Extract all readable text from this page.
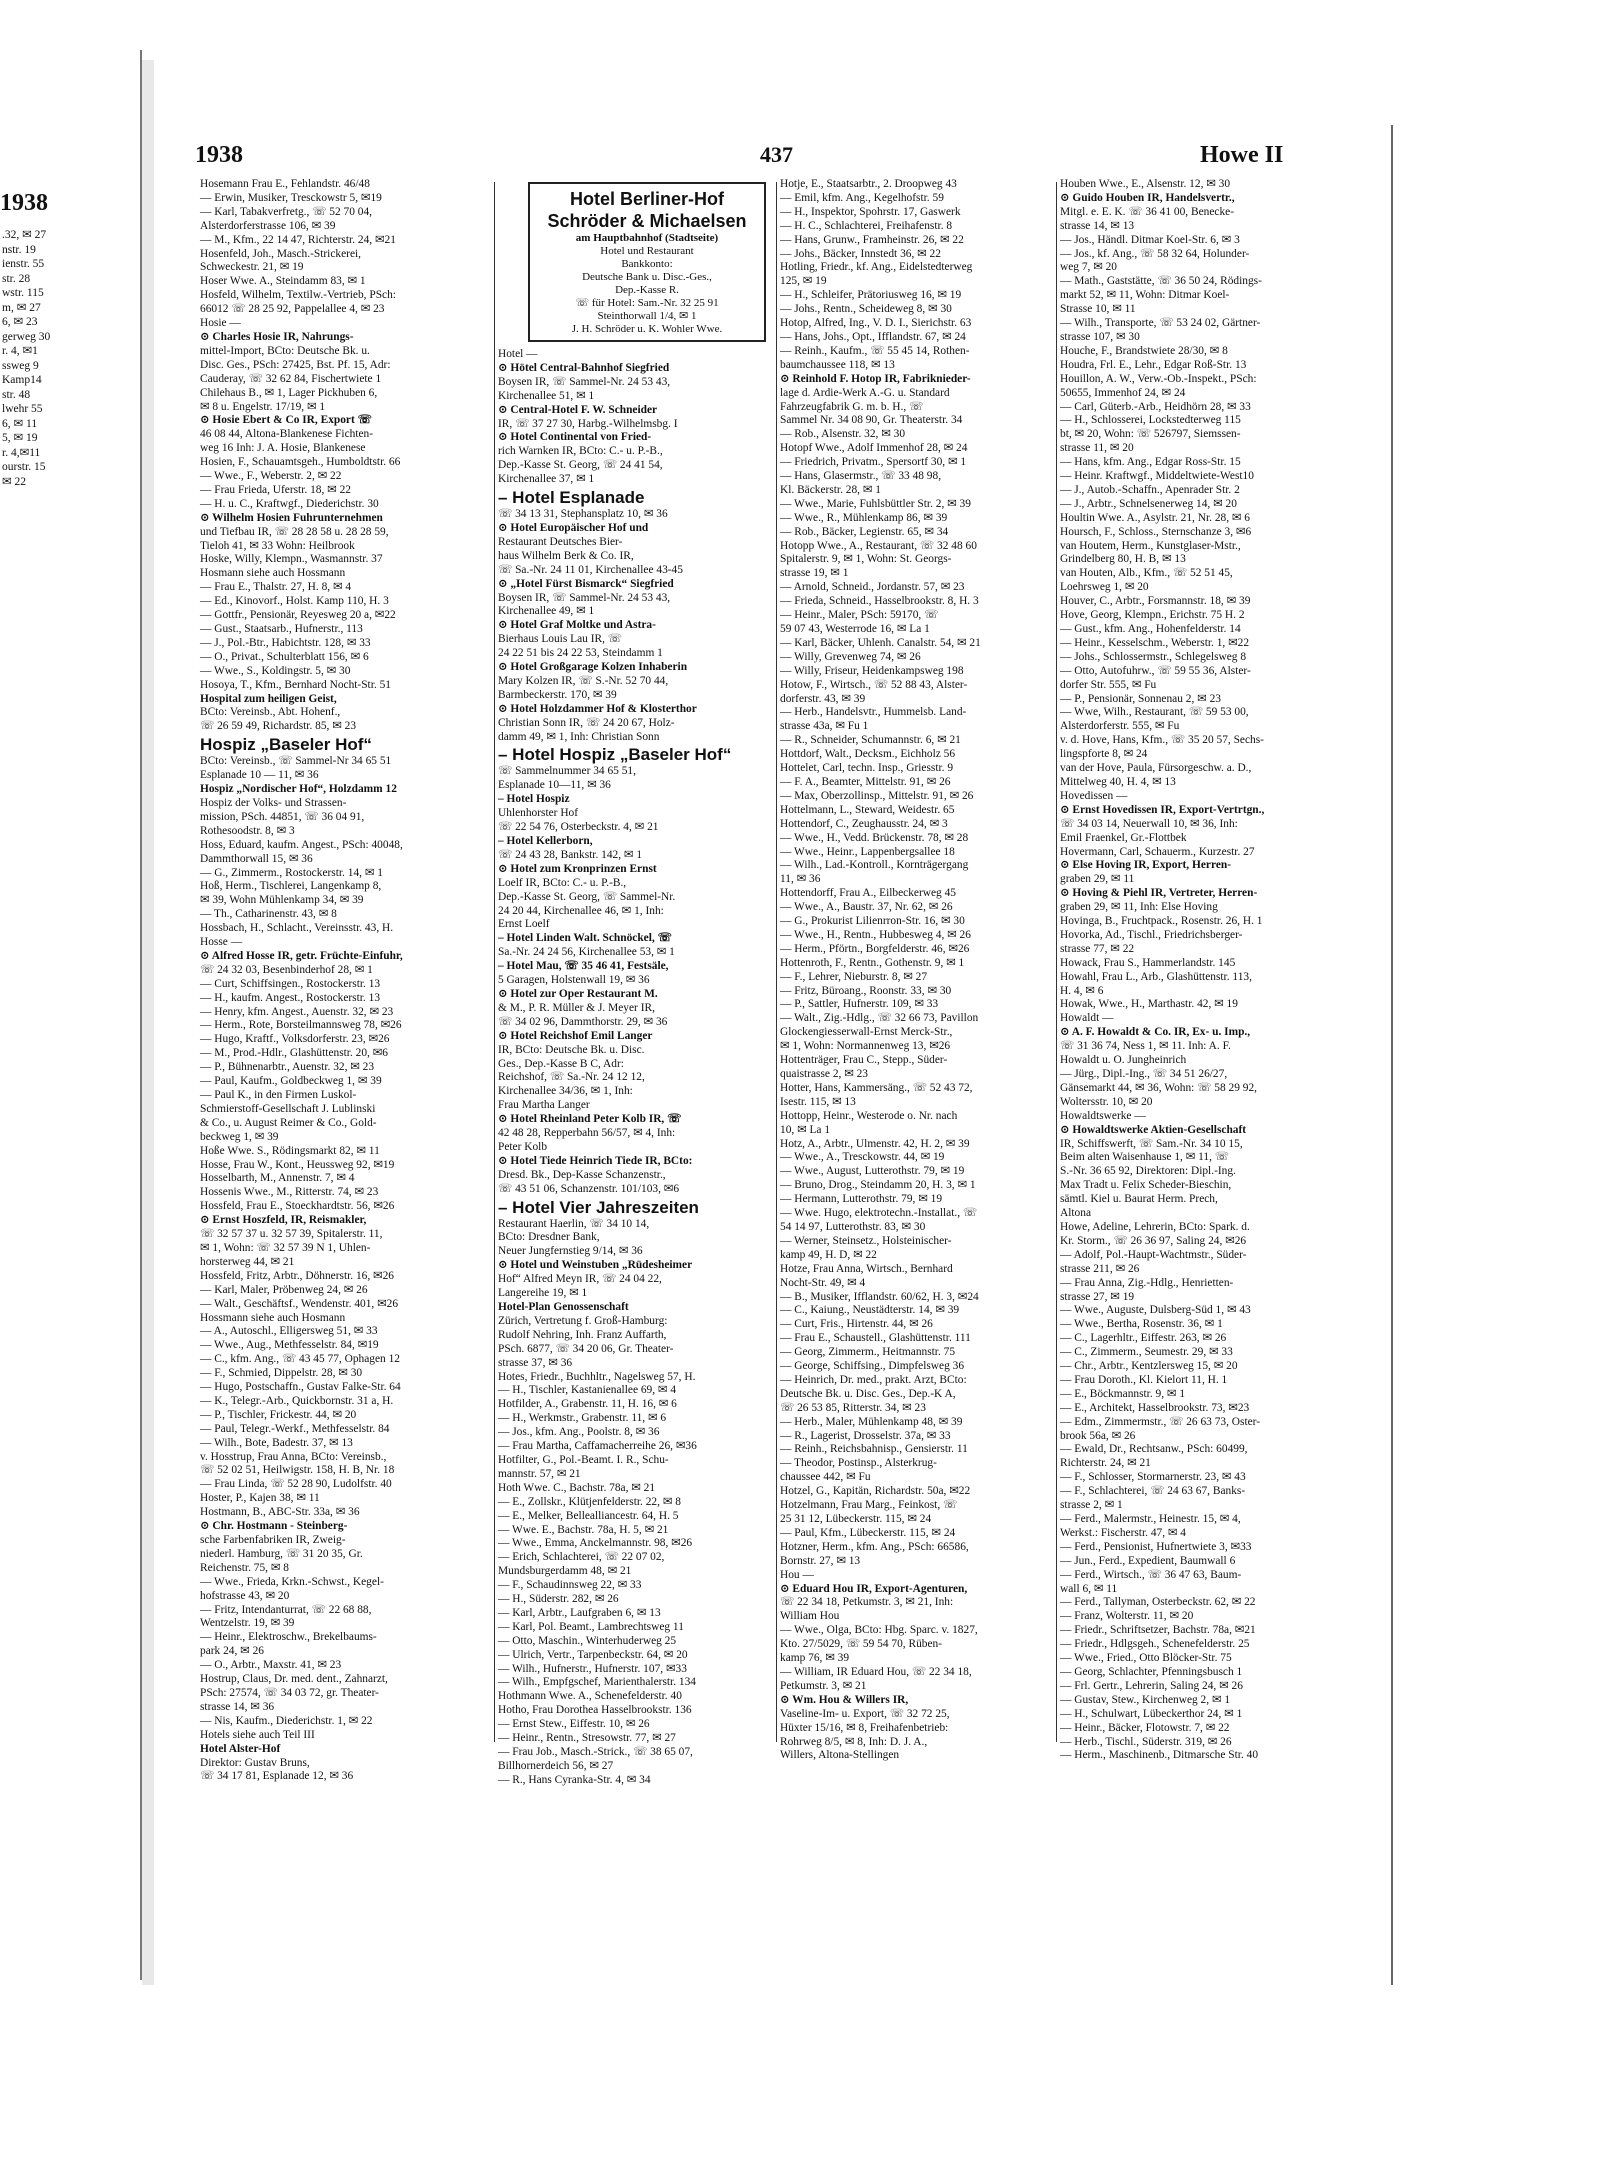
1938
.32, ✉ 27
nstr. 19
ienstr. 55
str. 28
wstr. 115
m, ✉ 27
6, ✉ 23
gerweg 30
r. 4, ✉1
ssweg 9
Kamp14
str. 48
lwehr 55
6, ✉ 11
5, ✉ 19
r. 4,✉11
ourstr. 15
✉ 22
1938	437	Howe II
Hosemann Frau E., Fehlandstr. 46/48
— Erwin, Musiker, Tresckowstr 5, ✉19
— Karl, Tabakverfretg., ☏ 52 70 04,
Alsterdorferstrasse 106, ✉ 39
— M., Kfm., 22 14 47, Richterstr. 24, ✉21
Hosenfeld, Joh., Masch.-Strickerei,
Schweckestr. 21, ✉ 19
Hoser Wwe. A., Steindamm 83, ✉ 1
Hosfeld, Wilhelm, Textilw.-Vertrieb, PSch:
66012 ☏ 28 25 92, Pappelallee 4, ✉ 23
Hosie —
⊙ Charles Hosie IR, Nahrungs-
mittel-Import, BCto: Deutsche Bk. u.
Disc. Ges., PSch: 27425, Bst. Pf. 15, Adr:
Cauderay, ☏ 32 62 84, Fischertwiete 1
Chilehaus B., ✉ 1, Lager Pickhuben 6,
✉ 8 u. Engelstr. 17/19, ✉ 1
⊙ Hosie Ebert & Co IR, Export ☏
46 08 44, Altona-Blankenese Fichten-
weg 16 Inh: J. A. Hosie, Blankenese
Hosien, F., Schauamtsgeh., Humboldtstr. 66
— Wwe., F., Weberstr. 2, ✉ 22
— Frau Frieda, Uferstr. 18, ✉ 22
— H. u. C., Kraftwgf., Diederichstr. 30
⊙ Wilhelm Hosien Fuhrunternehmen
und Tiefbau IR, ☏ 28 28 58 u. 28 28 59,
Tieloh 41, ✉ 33 Wohn: Heilbrook
Hoske, Willy, Klempn., Wasmannstr. 37
Hosmann siehe auch Hossmann
— Frau E., Thalstr. 27, H. 8, ✉ 4
— Ed., Kinovorf., Holst. Kamp 110, H. 3
— Gottfr., Pensionär, Reyesweg 20 a, ✉22
— Gust., Staatsarb., Hufnerstr., 113
— J., Pol.-Btr., Habichtstr. 128, ✉ 33
— O., Privat., Schulterblatt 156, ✉ 6
— Wwe., S., Koldingstr. 5, ✉ 30
Hosoya, T., Kfm., Bernhard Nocht-Str. 51
Hospital zum heiligen Geist,
BCto: Vereinsb., Abt. Hohenf.,
☏ 26 59 49, Richardstr. 85, ✉ 23
Hospiz „Baseler Hof“
BCto: Vereinsb., ☏ Sammel-Nr 34 65 51
Esplanade 10 — 11, ✉ 36
Hospiz „Nordischer Hof“, Holzdamm 12
Hospiz der Volks- und Strassen-
mission, PSch. 44851, ☏ 36 04 91,
Rothesoodstr. 8, ✉ 3
Hoss, Eduard, kaufm. Angest., PSch: 40048,
Dammthorwall 15, ✉ 36
— G., Zimmerm., Rostockerstr. 14, ✉ 1
Hoß, Herm., Tischlerei, Langenkamp 8,
✉ 39, Wohn Mühlenkamp 34, ✉ 39
— Th., Catharinenstr. 43, ✉ 8
Hossbach, H., Schlacht., Vereinsstr. 43, H.
Hosse —
⊙ Alfred Hosse IR, getr. Früchte-Einfuhr,
☏ 24 32 03, Besenbinderhof 28, ✉ 1
— Curt, Schiffsingen., Rostockerstr. 13
— H., kaufm. Angest., Rostockerstr. 13
— Henry, kfm. Angest., Auenstr. 32, ✉ 23
— Herm., Rote, Borsteilmannsweg 78, ✉26
— Hugo, Kraftf., Volksdorferstr. 23, ✉26
— M., Prod.-Hdlr., Glashüttenstr. 20, ✉6
— P., Bühnenarbtr., Auenstr. 32, ✉ 23
— Paul, Kaufm., Goldbeckweg 1, ✉ 39
— Paul K., in den Firmen Luskol-
Schmierstoff-Gesellschaft J. Lublinski
& Co., u. August Reimer & Co., Gold-
beckweg 1, ✉ 39
Hoße Wwe. S., Rödingsmarkt 82, ✉ 11
Hosse, Frau W., Kont., Heussweg 92, ✉19
Hosselbarth, M., Annenstr. 7, ✉ 4
Hossenis Wwe., M., Ritterstr. 74, ✉ 23
Hossfeld, Frau E., Stoeckhardtstr. 56, ✉26
⊙ Ernst Hoszfeld, IR, Reismakler,
☏ 32 57 37 u. 32 57 39, Spitalerstr. 11,
✉ 1, Wohn: ☏ 32 57 39 N 1, Uhlen-
horsterweg 44, ✉ 21
Hossfeld, Fritz, Arbtr., Döhnerstr. 16, ✉26
— Karl, Maler, Pröbenweg 24, ✉ 26
— Walt., Geschäftsf., Wendenstr. 401, ✉26
Hossmann siehe auch Hosmann
— A., Autoschl., Elligersweg 51, ✉ 33
— Wwe., Aug., Methfesselstr. 84, ✉19
— C., kfm. Ang., ☏ 43 45 77, Ophagen 12
— F., Schmied, Dippelstr. 28, ✉ 30
— Hugo, Postschaffn., Gustav Falke-Str. 64
— K., Telegr.-Arb., Quickbornstr. 31 a, H.
— P., Tischler, Frickestr. 44, ✉ 20
— Paul, Telegr.-Werkf., Methfesselstr. 84
— Wilh., Bote, Badestr. 37, ✉ 13
v. Hosstrup, Frau Anna, BCto: Vereinsb.,
☏ 52 02 51, Heilwigstr. 158, H. B, Nr. 18
— Frau Linda, ☏ 52 28 90, Ludolfstr. 40
Hoster, P., Kajen 38, ✉ 11
Hostmann, B., ABC-Str. 33a, ✉ 36
⊙ Chr. Hostmann - Steinberg-
sche Farbenfabriken IR, Zweig-
niederl. Hamburg, ☏ 31 20 35, Gr.
Reichenstr. 75, ✉ 8
— Wwe., Frieda, Krkn.-Schwst., Kegel-
hofstrasse 43, ✉ 20
— Fritz, Intendanturrat, ☏ 22 68 88,
Wentzelstr. 19, ✉ 39
— Heinr., Elektroschw., Brekelbaums-
park 24, ✉ 26
— O., Arbtr., Maxstr. 41, ✉ 23
Hostrup, Claus, Dr. med. dent., Zahnarzt,
PSch: 27574, ☏ 34 03 72, gr. Theater-
strasse 14, ✉ 36
— Nis, Kaufm., Diederichstr. 1, ✉ 22
Hotels siehe auch Teil III
Hotel Alster-Hof
Direktor: Gustav Bruns,
☏ 34 17 81, Esplanade 12, ✉ 36
Hotel Berliner-Hof
Schröder & Michaelsen
am Hauptbahnhof (Stadtseite)
Hotel und Restaurant
Bankkonto:
Deutsche Bank u. Disc.-Ges.,
Dep.-Kasse R.
☏ für Hotel: Sam.-Nr. 32 25 91
Steinthorwall 1/4, ✉ 1
J. H. Schröder u. K. Wohler Wwe.
Hotel —
⊙ Hötel Central-Bahnhof Siegfried
Boysen IR, ☏ Sammel-Nr. 24 53 43,
Kirchenallee 51, ✉ 1
⊙ Central-Hotel F. W. Schneider
IR, ☏ 37 27 30, Harbg.-Wilhelmsbg. I
⊙ Hotel Continental von Fried-
rich Warnken IR, BCto: C.- u. P.-B.,
Dep.-Kasse St. Georg, ☏ 24 41 54,
Kirchenallee 37, ✉ 1
– Hotel Esplanade
☏ 34 13 31, Stephansplatz 10, ✉ 36
⊙ Hotel Europäischer Hof und
Restaurant Deutsches Bier-
haus Wilhelm Berk & Co. IR,
☏ Sa.-Nr. 24 11 01, Kirchenallee 43-45
⊙ „Hotel Fürst Bismarck“ Siegfried
Boysen IR, ☏ Sammel-Nr. 24 53 43,
Kirchenallee 49, ✉ 1
⊙ Hotel Graf Moltke und Astra-
Bierhaus Louis Lau IR, ☏
24 22 51 bis 24 22 53, Steindamm 1
⊙ Hotel Großgarage Kolzen Inhaberin
Mary Kolzen IR, ☏ S.-Nr. 52 70 44,
Barmbeckerstr. 170, ✉ 39
⊙ Hotel Holzdammer Hof & Klosterthor
Christian Sonn IR, ☏ 24 20 67, Holz-
damm 49, ✉ 1, Inh: Christian Sonn
– Hotel Hospiz „Baseler Hof“
☏ Sammelnummer 34 65 51,
Esplanade 10—11, ✉ 36
– Hotel Hospiz
Uhlenhorster Hof
☏ 22 54 76, Osterbeckstr. 4, ✉ 21
– Hotel Kellerborn,
☏ 24 43 28, Bankstr. 142, ✉ 1
⊙ Hotel zum Kronprinzen Ernst
Loelf IR, BCto: C.- u. P.-B.,
Dep.-Kasse St. Georg, ☏ Sammel-Nr.
24 20 44, Kirchenallee 46, ✉ 1, Inh:
Ernst Loelf
– Hotel Linden Walt. Schnöckel, ☏
Sa.-Nr. 24 24 56, Kirchenallee 53, ✉ 1
– Hotel Mau, ☏ 35 46 41, Festsäle,
5 Garagen, Holstenwall 19, ✉ 36
⊙ Hotel zur Oper Restaurant M.
& M., P. R. Müller & J. Meyer IR,
☏ 34 02 96, Dammthorstr. 29, ✉ 36
⊙ Hotel Reichshof Emil Langer
IR, BCto: Deutsche Bk. u. Disc.
Ges., Dep.-Kasse B C, Adr:
Reichshof, ☏ Sa.-Nr. 24 12 12,
Kirchenallee 34/36, ✉ 1, Inh:
Frau Martha Langer
⊙ Hotel Rheinland Peter Kolb IR, ☏
42 48 28, Repperbahn 56/57, ✉ 4, Inh:
Peter Kolb
⊙ Hotel Tiede Heinrich Tiede IR, BCto:
Dresd. Bk., Dep-Kasse Schanzenstr.,
☏ 43 51 06, Schanzenstr. 101/103, ✉6
– Hotel Vier Jahreszeiten
Restaurant Haerlin, ☏ 34 10 14,
BCto: Dresdner Bank,
Neuer Jungfernstieg 9/14, ✉ 36
⊙ Hotel und Weinstuben „Rüdesheimer
Hof“ Alfred Meyn IR, ☏ 24 04 22,
Langereihe 19, ✉ 1
Hotel-Plan Genossenschaft
Zürich, Vertretung f. Groß-Hamburg:
Rudolf Nehring, Inh. Franz Auffarth,
PSch. 6877, ☏ 34 20 06, Gr. Theater-
strasse 37, ✉ 36
Hotes, Friedr., Buchhltr., Nagelsweg 57, H.
— H., Tischler, Kastanienallee 69, ✉ 4
Hotfilder, A., Grabenstr. 11, H. 16, ✉ 6
— H., Werkmstr., Grabenstr. 11, ✉ 6
— Jos., kfm. Ang., Poolstr. 8, ✉ 36
— Frau Martha, Caffamacherreihe 26, ✉36
Hotfilter, G., Pol.-Beamt. I. R., Schu-
mannstr. 57, ✉ 21
Hoth Wwe. C., Bachstr. 78a, ✉ 21
— E., Zollskr., Klütjenfelderstr. 22, ✉ 8
— E., Melker, Bellealliancestr. 64, H. 5
— Wwe. E., Bachstr. 78a, H. 5, ✉ 21
— Wwe., Emma, Anckelmannstr. 98, ✉26
— Erich, Schlachterei, ☏ 22 07 02,
Mundsburgerdamm 48, ✉ 21
— F., Schaudinnsweg 22, ✉ 33
— H., Süderstr. 282, ✉ 26
— Karl, Arbtr., Laufgraben 6, ✉ 13
— Karl, Pol. Beamt., Lambrechtsweg 11
— Otto, Maschin., Winterhuderweg 25
— Ulrich, Vertr., Tarpenbeckstr. 64, ✉ 20
— Wilh., Hufnerstr., Hufnerstr. 107, ✉33
— Wilh., Empfgschef, Marienthalerstr. 134
Hothmann Wwe. A., Schenefelderstr. 40
Hotho, Frau Dorothea Hasselbrookstr. 136
— Ernst Stew., Eiffestr. 10, ✉ 26
— Heinr., Rentn., Stresowstr. 77, ✉ 27
— Frau Job., Masch.-Strick., ☏ 38 65 07,
Billhornerdeich 56, ✉ 27
— R., Hans Cyranka-Str. 4, ✉ 34
Hotje, E., Staatsarbtr., 2. Droopweg 43
— Emil, kfm. Ang., Kegelhofstr. 59
— H., Inspektor, Spohrstr. 17, Gaswerk
— H. C., Schlachterei, Freihafenstr. 8
— Hans, Grunw., Framheinstr. 26, ✉ 22
— Johs., Bäcker, Innstedt 36, ✉ 22
Hotling, Friedr., kf. Ang., Eidelstedterweg
125, ✉ 19
— H., Schleifer, Prätoriusweg 16, ✉ 19
— Johs., Rentn., Scheideweg 8, ✉ 30
Hotop, Alfred, Ing., V. D. I., Sierichstr. 63
— Hans, Johs., Opt., Ifflandstr. 67, ✉ 24
— Reinh., Kaufm., ☏ 55 45 14, Rothen-
baumchaussee 118, ✉ 13
⊙ Reinhold F. Hotop IR, Fabriknieder-
lage d. Ardie-Werk A.-G. u. Standard
Fahrzeugfabrik G. m. b. H., ☏
Sammel Nr. 34 08 90, Gr. Theaterstr. 34
— Rob., Alsenstr. 32, ✉ 30
Hotopf Wwe., Adolf Immenhof 28, ✉ 24
— Friedrich, Privatm., Spersortf 30, ✉ 1
— Hans, Glasermstr., ☏ 33 48 98,
Kl. Bäckerstr. 28, ✉ 1
— Wwe., Marie, Fuhlsbüttler Str. 2, ✉ 39
— Wwe., R., Mühlenkamp 86, ✉ 39
— Rob., Bäcker, Legienstr. 65, ✉ 34
Hotopp Wwe., A., Restaurant, ☏ 32 48 60
Spitalerstr. 9, ✉ 1, Wohn: St. Georgs-
strasse 19, ✉ 1
— Arnold, Schneid., Jordanstr. 57, ✉ 23
— Frieda, Schneid., Hasselbrookstr. 8, H. 3
— Heinr., Maler, PSch: 59170, ☏
59 07 43, Westerrode 16, ✉ La 1
— Karl, Bäcker, Uhlenh. Canalstr. 54, ✉ 21
— Willy, Grevenweg 74, ✉ 26
— Willy, Friseur, Heidenkampsweg 198
Hotow, F., Wirtsch., ☏ 52 88 43, Alster-
dorferstr. 43, ✉ 39
— Herb., Handelsvtr., Hummelsb. Land-
strasse 43a, ✉ Fu 1
— R., Schneider, Schumannstr. 6, ✉ 21
Hottdorf, Walt., Decksm., Eichholz 56
Hottelet, Carl, techn. Insp., Griesstr. 9
— F. A., Beamter, Mittelstr. 91, ✉ 26
— Max, Oberzollinsp., Mittelstr. 91, ✉ 26
Hottelmann, L., Steward, Weidestr. 65
Hottendorf, C., Zeughausstr. 24, ✉ 3
— Wwe., H., Vedd. Brückenstr. 78, ✉ 28
— Wwe., Heinr., Lappenbergsallee 18
— Wilh., Lad.-Kontroll., Kornträgergang
11, ✉ 36
Hottendorff, Frau A., Eilbeckerweg 45
— Wwe., A., Baustr. 37, Nr. 62, ✉ 26
— G., Prokurist Lilienrron-Str. 16, ✉ 30
— Wwe., H., Rentn., Hubbesweg 4, ✉ 26
— Herm., Pförtn., Borgfelderstr. 46, ✉26
Hottenroth, F., Rentn., Gothenstr. 9, ✉ 1
— F., Lehrer, Nieburstr. 8, ✉ 27
— Fritz, Büroang., Roonstr. 33, ✉ 30
— P., Sattler, Hufnerstr. 109, ✉ 33
— Walt., Zig.-Hdlg., ☏ 32 66 73, Pavillon
Glockengiesserwall-Ernst Merck-Str.,
✉ 1, Wohn: Normannenweg 13, ✉26
Hottenträger, Frau C., Stepp., Süder-
quaistrasse 2, ✉ 23
Hotter, Hans, Kammersäng., ☏ 52 43 72,
Isestr. 115, ✉ 13
Hottopp, Heinr., Westerode o. Nr. nach
10, ✉ La 1
Hotz, A., Arbtr., Ulmenstr. 42, H. 2, ✉ 39
— Wwe., A., Tresckowstr. 44, ✉ 19
— Wwe., August, Lutterothstr. 79, ✉ 19
— Bruno, Drog., Steindamm 20, H. 3, ✉ 1
— Hermann, Lutterothstr. 79, ✉ 19
— Wwe. Hugo, elektrotechn.-Installat., ☏
54 14 97, Lutterothstr. 83, ✉ 30
— Werner, Steinsetz., Holsteinischer-
kamp 49, H. D, ✉ 22
Hotze, Frau Anna, Wirtsch., Bernhard
Nocht-Str. 49, ✉ 4
— B., Musiker, Ifflandstr. 60/62, H. 3, ✉24
— C., Kaiung., Neustädterstr. 14, ✉ 39
— Curt, Fris., Hirtenstr. 44, ✉ 26
— Frau E., Schaustell., Glashüttenstr. 111
— Georg, Zimmerm., Heitmannstr. 75
— George, Schiffsing., Dimpfelsweg 36
— Heinrich, Dr. med., prakt. Arzt, BCto:
Deutsche Bk. u. Disc. Ges., Dep.-K A,
☏ 26 53 85, Ritterstr. 34, ✉ 23
— Herb., Maler, Mühlenkamp 48, ✉ 39
— R., Lagerist, Drosselstr. 37a, ✉ 33
— Reinh., Reichsbahnisp., Gensierstr. 11
— Theodor, Postinsp., Alsterkrug-
chaussee 442, ✉ Fu
Hotzel, G., Kapitän, Richardstr. 50a, ✉22
Hotzelmann, Frau Marg., Feinkost, ☏
25 31 12, Lübeckerstr. 115, ✉ 24
— Paul, Kfm., Lübeckerstr. 115, ✉ 24
Hotzner, Herm., kfm. Ang., PSch: 66586,
Bornstr. 27, ✉ 13
Hou —
⊙ Eduard Hou IR, Export-Agenturen,
☏ 22 34 18, Petkumstr. 3, ✉ 21, Inh:
William Hou
— Wwe., Olga, BCto: Hbg. Sparc. v. 1827,
Kto. 27/5029, ☏ 59 54 70, Rüben-
kamp 76, ✉ 39
— William, IR Eduard Hou, ☏ 22 34 18,
Petkumstr. 3, ✉ 21
⊙ Wm. Hou & Willers IR,
Vaseline-Im- u. Export, ☏ 32 72 25,
Hüxter 15/16, ✉ 8, Freihafenbetrieb:
Rohrweg 8/5, ✉ 8, Inh: D. J. A.,
Willers, Altona-Stellingen
Houben Wwe., E., Alsenstr. 12, ✉ 30
⊙ Guido Houben IR, Handelsvertr.,
Mitgl. e. E. K. ☏ 36 41 00, Benecke-
strasse 14, ✉ 13
— Jos., Händl. Ditmar Koel-Str. 6, ✉ 3
— Jos., kf. Ang., ☏ 58 32 64, Holunder-
weg 7, ✉ 20
— Math., Gaststätte, ☏ 36 50 24, Rödings-
markt 52, ✉ 11, Wohn: Ditmar Koel-
Strasse 10, ✉ 11
— Wilh., Transporte, ☏ 53 24 02, Gärtner-
strasse 107, ✉ 30
Houche, F., Brandstwiete 28/30, ✉ 8
Houdra, Frl. E., Lehr., Edgar Roß-Str. 13
Houillon, A. W., Verw.-Ob.-Inspekt., PSch:
50655, Immenhof 24, ✉ 24
— Carl, Güterb.-Arb., Heidhörn 28, ✉ 33
— H., Schlosserei, Lockstedterweg 115
bt, ✉ 20, Wohn: ☏ 526797, Siemssen-
strasse 11, ✉ 20
— Hans, kfm. Ang., Edgar Ross-Str. 15
— Heinr. Kraftwgf., Middeltwiete-West10
— J., Autob.-Schaffn., Apenrader Str. 2
— J., Arbtr., Schnelsenerweg 14, ✉ 20
Houltin Wwe. A., Asylstr. 21, Nr. 28, ✉ 6
Hoursch, F., Schloss., Sternschanze 3, ✉6
van Houtem, Herm., Kunstglaser-Mstr.,
Grindelberg 80, H. B, ✉ 13
van Houten, Alb., Kfm., ☏ 52 51 45,
Loehrsweg 1, ✉ 20
Houver, C., Arbtr., Forsmannstr. 18, ✉ 39
Hove, Georg, Klempn., Erichstr. 75 H. 2
— Gust., kfm. Ang., Hohenfelderstr. 14
— Heinr., Kesselschm., Weberstr. 1, ✉22
— Johs., Schlossermstr., Schlegelsweg 8
— Otto, Autofuhrw., ☏ 59 55 36, Alster-
dorfer Str. 555, ✉ Fu
— P., Pensionär, Sonnenau 2, ✉ 23
— Wwe, Wilh., Restaurant, ☏ 59 53 00,
Alsterdorferstr. 555, ✉ Fu
v. d. Hove, Hans, Kfm., ☏ 35 20 57, Sechs-
lingspforte 8, ✉ 24
van der Hove, Paula, Fürsorgeschw. a. D.,
Mittelweg 40, H. 4, ✉ 13
Hovedissen —
⊙ Ernst Hovedissen IR, Export-Vertrtgn.,
☏ 34 03 14, Neuerwall 10, ✉ 36, Inh:
Emil Fraenkel, Gr.-Flottbek
Hovermann, Carl, Schauerm., Kurzestr. 27
⊙ Else Hoving IR, Export, Herren-
graben 29, ✉ 11
⊙ Hoving & Piehl IR, Vertreter, Herren-
graben 29, ✉ 11, Inh: Else Hoving
Hovinga, B., Fruchtpack., Rosenstr. 26, H. 1
Hovorka, Ad., Tischl., Friedrichsberger-
strasse 77, ✉ 22
Howack, Frau S., Hammerlandstr. 145
Howahl, Frau L., Arb., Glashüttenstr. 113,
H. 4, ✉ 6
Howak, Wwe., H., Marthastr. 42, ✉ 19
Howaldt —
⊙ A. F. Howaldt & Co. IR, Ex- u. Imp.,
☏ 31 36 74, Ness 1, ✉ 11. Inh: A. F.
Howaldt u. O. Jungheinrich
— Jürg., Dipl.-Ing., ☏ 34 51 26/27,
Gänsemarkt 44, ✉ 36, Wohn: ☏ 58 29 92,
Woltersstr. 10, ✉ 20
Howaldtswerke —
⊙ Howaldtswerke Aktien-Gesellschaft
IR, Schiffswerft, ☏ Sam.-Nr. 34 10 15,
Beim alten Waisenhause 1, ✉ 11, ☏
S.-Nr. 36 65 92, Direktoren: Dipl.-Ing.
Max Tradt u. Felix Scheder-Bieschin,
sämtl. Kiel u. Baurat Herm. Prech,
Altona
Howe, Adeline, Lehrerin, BCto: Spark. d.
Kr. Storm., ☏ 26 36 97, Saling 24, ✉26
— Adolf, Pol.-Haupt-Wachtmstr., Süder-
strasse 211, ✉ 26
— Frau Anna, Zig.-Hdlg., Henrietten-
strasse 27, ✉ 19
— Wwe., Auguste, Dulsberg-Süd 1, ✉ 43
— Wwe., Bertha, Rosenstr. 36, ✉ 1
— C., Lagerhltr., Eiffestr. 263, ✉ 26
— C., Zimmerm., Seumestr. 29, ✉ 33
— Chr., Arbtr., Kentzlersweg 15, ✉ 20
— Frau Doroth., Kl. Kielort 11, H. 1
— E., Böckmannstr. 9, ✉ 1
— E., Architekt, Hasselbrookstr. 73, ✉23
— Edm., Zimmermstr., ☏ 26 63 73, Oster-
brook 56a, ✉ 26
— Ewald, Dr., Rechtsanw., PSch: 60499,
Richterstr. 24, ✉ 21
— F., Schlosser, Stormarnerstr. 23, ✉ 43
— F., Schlachterei, ☏ 24 63 67, Banks-
strasse 2, ✉ 1
— Ferd., Malermstr., Heinestr. 15, ✉ 4,
Werkst.: Fischerstr. 47, ✉ 4
— Ferd., Pensionist, Hufnertwiete 3, ✉33
— Jun., Ferd., Expedient, Baumwall 6
— Ferd., Wirtsch., ☏ 36 47 63, Baum-
wall 6, ✉ 11
— Ferd., Tallyman, Osterbeckstr. 62, ✉ 22
— Franz, Wolterstr. 11, ✉ 20
— Friedr., Schriftsetzer, Bachstr. 78a, ✉21
— Friedr., Hdlgsgeh., Schenefelderstr. 25
— Wwe., Fried., Otto Blöcker-Str. 75
— Georg, Schlachter, Pfenningsbusch 1
— Frl. Gertr., Lehrerin, Saling 24, ✉ 26
— Gustav, Stew., Kirchenweg 2, ✉ 1
— H., Schulwart, Lübeckerthor 24, ✉ 1
— Heinr., Bäcker, Flotowstr. 7, ✉ 22
— Herb., Tischl., Süderstr. 319, ✉ 26
— Herm., Maschinenb., Ditmarsche Str. 40
